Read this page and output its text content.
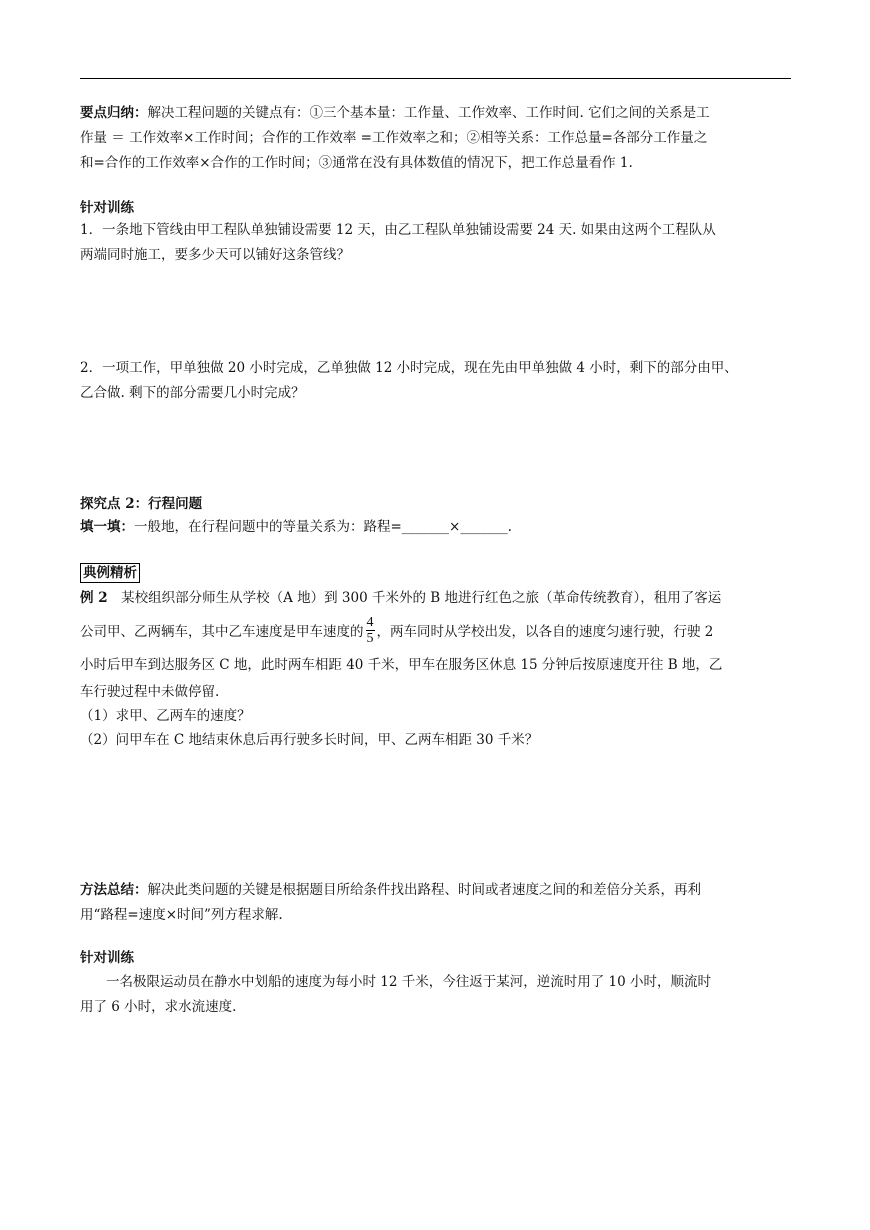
要点归纳：解决工程问题的关键点有：①三个基本量：工作量、工作效率、工作时间. 它们之间的关系是工
作量 ＝ 工作效率×工作时间；合作的工作效率 =工作效率之和；②相等关系：工作总量=各部分工作量之
和=合作的工作效率×合作的工作时间；③通常在没有具体数值的情况下，把工作总量看作 1.
针对训练
1．一条地下管线由甲工程队单独铺设需要 12 天，由乙工程队单独铺设需要 24 天. 如果由这两个工程队从
两端同时施工，要多少天可以铺好这条管线？
2．一项工作，甲单独做 20 小时完成，乙单独做 12 小时完成，现在先由甲单独做 4 小时，剩下的部分由甲、
乙合做. 剩下的部分需要几小时完成？
探究点 2：行程问题
填一填：一般地，在行程问题中的等量关系为：路程=_______×_______.
典例精析
例 2　某校组织部分师生从学校（A 地）到 300 千米外的 B 地进行红色之旅（革命传统教育），租用了客运
公司甲、乙两辆车，其中乙车速度是甲车速度的 $\frac{4}{5}$ ，两车同时从学校出发，以各自的速度匀速行驶，行驶 2
小时后甲车到达服务区 C 地，此时两车相距 40 千米，甲车在服务区休息 15 分钟后按原速度开往 B 地，乙
车行驶过程中未做停留.
（1）求甲、乙两车的速度？
（2）问甲车在 C 地结束休息后再行驶多长时间，甲、乙两车相距 30 千米？
方法总结：解决此类问题的关键是根据题目所给条件找出路程、时间或者速度之间的和差倍分关系，再利
用“路程=速度×时间”列方程求解.
针对训练
一名极限运动员在静水中划船的速度为每小时 12 千米，今往返于某河，逆流时用了 10 小时，顺流时
用了 6 小时，求水流速度.
